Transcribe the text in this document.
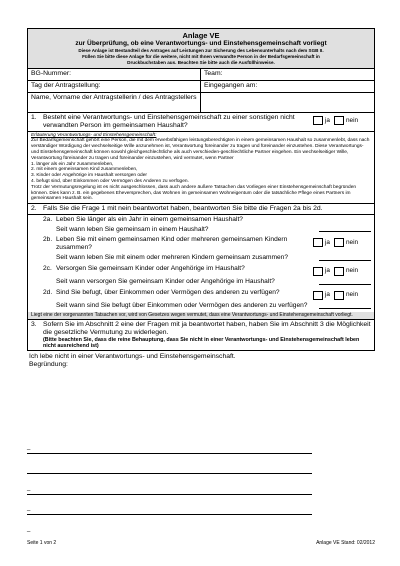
Anlage VE
zur Überprüfung, ob eine Verantwortungs- und Einstehensgemeinschaft vorliegt
Diese Anlage ist Bestandteil des Antrages auf Leistungen zur Sicherung des Lebensunterhalts nach dem SGB II.
Füllen Sie bitte diese Anlage für die weitere, nicht mit Ihnen verwandte Person in der Bedarfsgemeinschaft in
Druckbuchstaben aus. Beachten Sie bitte auch die Ausfüllhinweise.
BG-Nummer:	Team:
Tag der Antragstellung:	Eingegangen am:
Name, Vorname der Antragstellerin / des Antragstellers
1. Besteht eine Verantwortungs- und Einstehensgemeinschaft zu einer sonstigen nicht verwandten Person im gemeinsamen Haushalt?
ja	nein
Erläuterung Verantwortungs- und Einstehensgemeinschaft:
Zur Bedarfsgemeinschaft gehört eine Person, die mit dem erwerbsfähigen leistungsberechtigten in einem gemeinsamen Haushalt so zusammenlebt, dass nach verständiger Würdigung der wechselseitige Wille anzunehmen ist, Verantwortung füreinander zu tragen und füreinander einzustehen. Diese Verantwortungs- und Einstehensgemeinschaft können sowohl gleichgeschlechtliche als auch verschieden-geschlechtliche Partner eingehen. Ein wechselseitiger Wille, Verantwortung füreinander zu tragen und füreinander einzustehen, wird vermutet, wenn Partner
1. länger als ein Jahr zusammenleben,
2. mit einem gemeinsamen Kind zusammenleben,
3. Kinder oder Angehörige im Haushalt versorgen oder
4. befugt sind, über Einkommen oder Vermögen des Anderen zu verfügen.
Trotz der Vermutungsregelung ist es nicht ausgeschlossen, dass auch andere äußere Tatsachen das Vorliegen einer Einstehensgemeinschaft begründen können. Dies kann z. B. ein gegebenes Eheversprechen, das Wohnen im gemeinsamen Wohneigentum oder die tatsächliche Pflege eines Partners im gemeinsamen Haushalt sein.
2. Falls Sie die Frage 1 mit nein beantwortet haben, beantworten Sie bitte die Fragen 2a bis 2d.
2a. Leben Sie länger als ein Jahr in einem gemeinsamen Haushalt?
Seit wann leben Sie gemeinsam in einem Haushalt?
2b. Leben Sie mit einem gemeinsamen Kind oder mehreren gemeinsamen Kindern zusammen?
ja	nein
Seit wann leben Sie mit einem oder mehreren Kindern gemeinsam zusammen?
2c. Versorgen Sie gemeinsam Kinder oder Angehörige im Haushalt?	ja	nein
Seit wann versorgen Sie gemeinsam Kinder oder Angehörige im Haushalt?
2d. Sind Sie befugt, über Einkommen oder Vermögen des anderen zu verfügen?	ja	nein
Seit wann sind Sie befugt über Einkommen oder Vermögen des anderen zu verfügen?
Liegt eine der vorgenannten Tatsachen vor, wird von Gesetzes wegen vermutet, dass eine Verantwortungs- und Einstehensgemeinschaft vorliegt.
3. Sofern Sie im Abschnitt 2 eine der Fragen mit ja beantwortet haben, haben Sie im Abschnitt 3 die Möglichkeit die gesetzliche Vermutung zu widerlegen.
(Bitte beachten Sie, dass die reine Behauptung, dass Sie nicht in einer Verantwortungs- und Einstehensgemeinschaft leben nicht ausreichend ist)
Ich lebe nicht in einer Verantwortungs- und Einstehensgemeinschaft.
Begründung:
_
_
_
_
Seite 1 von 2	Anlage VE Stand: 02/2012
